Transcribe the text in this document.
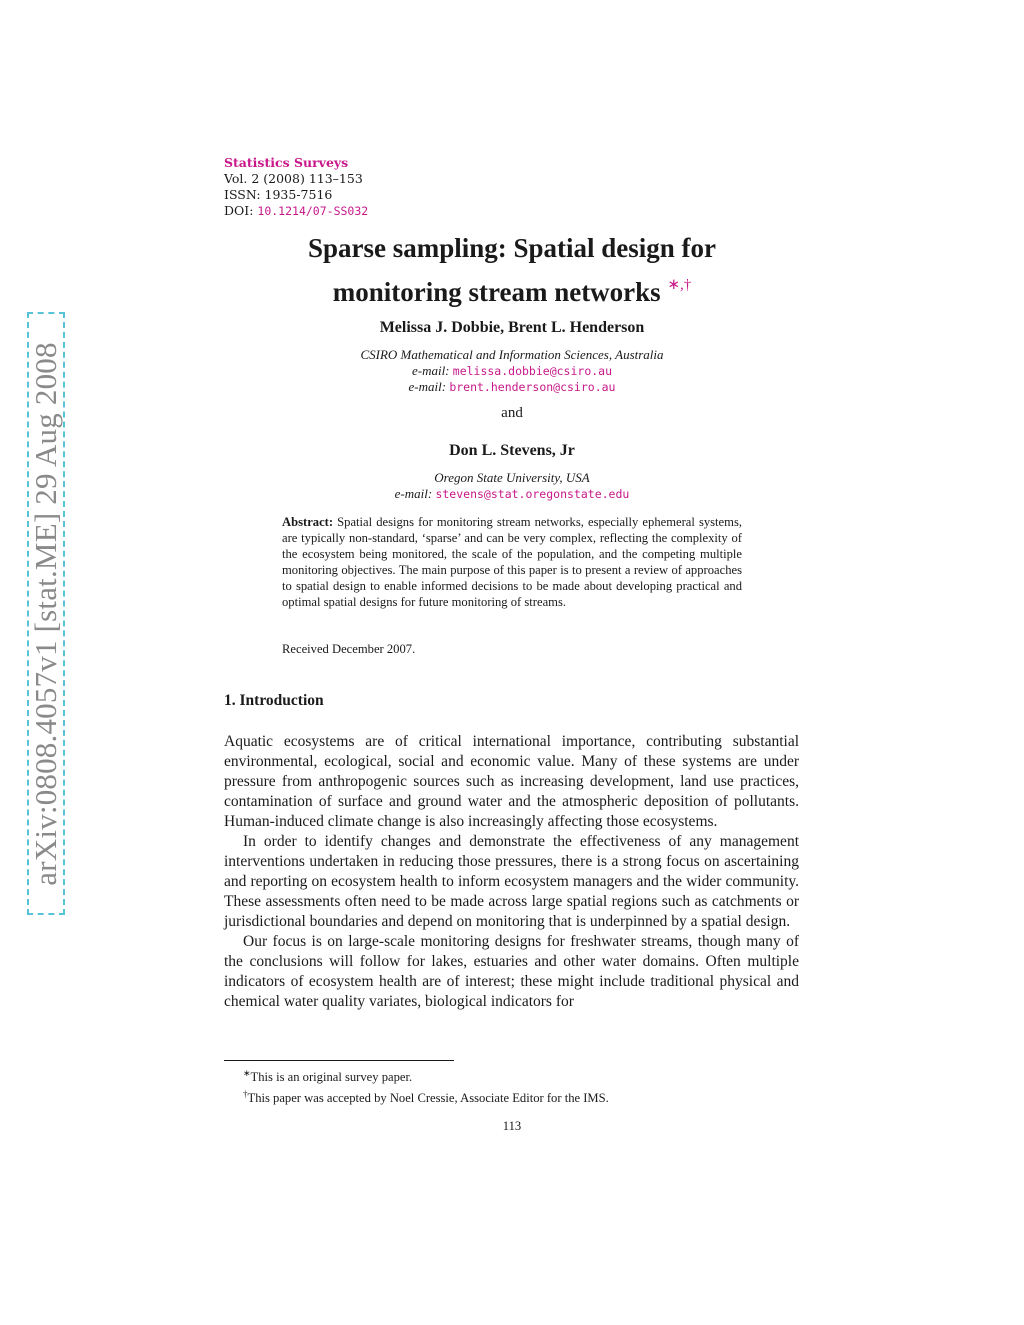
arXiv:0808.4057v1 [stat.ME] 29 Aug 2008
Statistics Surveys
Vol. 2 (2008) 113–153
ISSN: 1935-7516
DOI: 10.1214/07-SS032
Sparse sampling: Spatial design for
monitoring stream networks ∗,†
Melissa J. Dobbie, Brent L. Henderson
CSIRO Mathematical and Information Sciences, Australia
e-mail: melissa.dobbie@csiro.au
e-mail: brent.henderson@csiro.au
and
Don L. Stevens, Jr
Oregon State University, USA
e-mail: stevens@stat.oregonstate.edu
Abstract: Spatial designs for monitoring stream networks, especially ephemeral systems, are typically non-standard, ‘sparse’ and can be very complex, reflecting the complexity of the ecosystem being monitored, the scale of the population, and the competing multiple monitoring objectives. The main purpose of this paper is to present a review of approaches to spatial design to enable informed decisions to be made about developing practical and optimal spatial designs for future monitoring of streams.
Received December 2007.
1. Introduction

Aquatic ecosystems are of critical international importance, contributing substantial environmental, ecological, social and economic value. Many of these systems are under pressure from anthropogenic sources such as increasing development, land use practices, contamination of surface and ground water and the atmospheric deposition of pollutants. Human-induced climate change is also increasingly affecting those ecosystems.

In order to identify changes and demonstrate the effectiveness of any management interventions undertaken in reducing those pressures, there is a strong focus on ascertaining and reporting on ecosystem health to inform ecosystem managers and the wider community. These assessments often need to be made across large spatial regions such as catchments or jurisdictional boundaries and depend on monitoring that is underpinned by a spatial design.

Our focus is on large-scale monitoring designs for freshwater streams, though many of the conclusions will follow for lakes, estuaries and other water domains. Often multiple indicators of ecosystem health are of interest; these might include traditional physical and chemical water quality variates, biological indicators for

∗This is an original survey paper.
†This paper was accepted by Noel Cressie, Associate Editor for the IMS.
113
